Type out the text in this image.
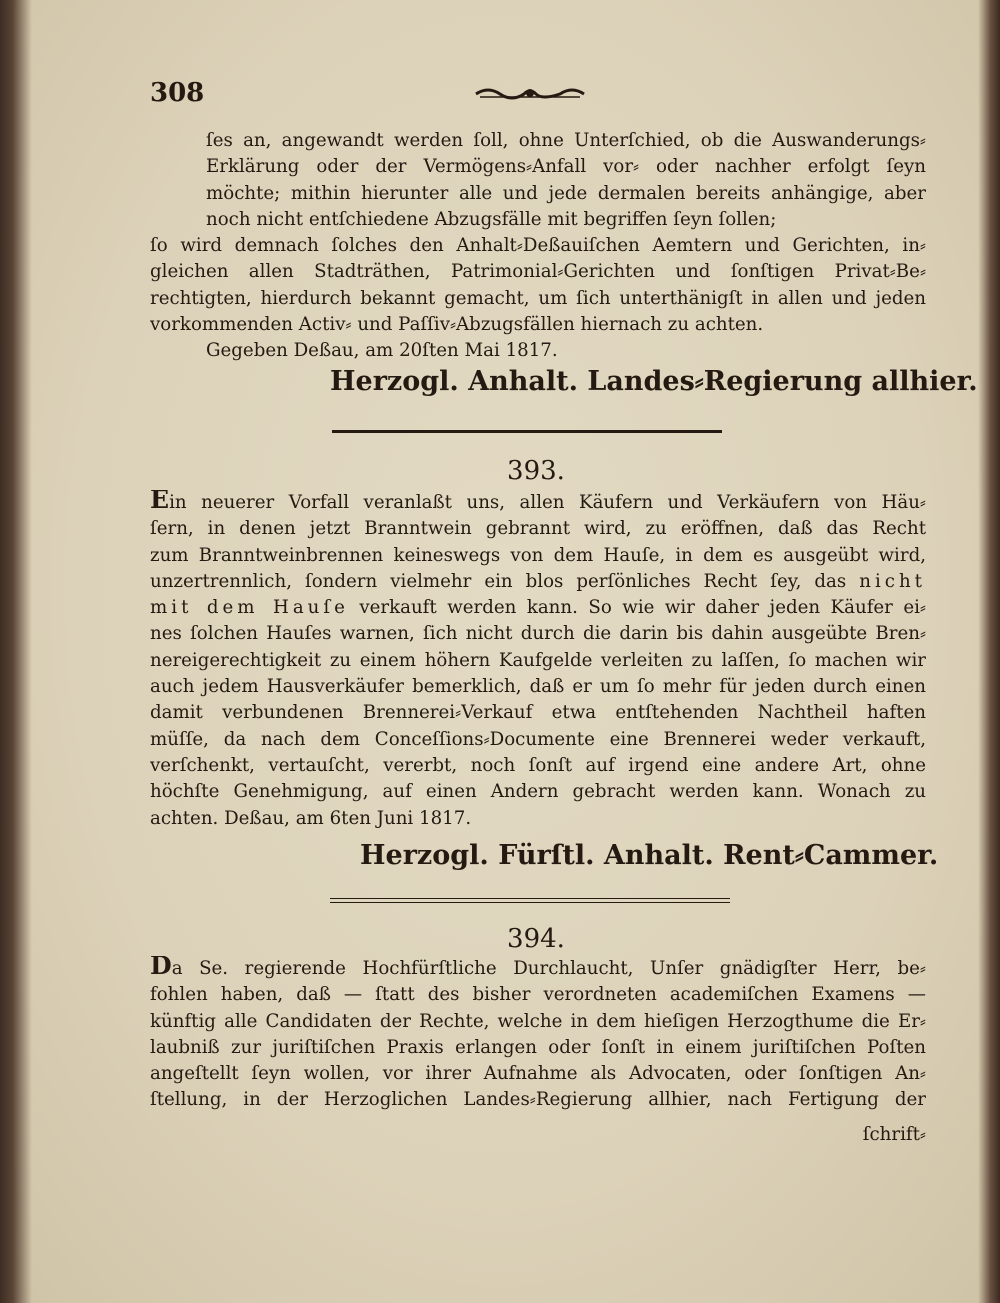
308
ſes an, angewandt werden ſoll, ohne Unterſchied, ob die Auswanderungs⸗
Erklärung oder der Vermögens⸗Anfall vor⸗ oder nachher erfolgt ſeyn
möchte; mithin hierunter alle und jede dermalen bereits anhängige, aber
noch nicht entſchiedene Abzugsfälle mit begriffen ſeyn ſollen;
ſo wird demnach ſolches den Anhalt⸗Deßauiſchen Aemtern und Gerichten, in⸗
gleichen allen Stadträthen, Patrimonial⸗Gerichten und ſonſtigen Privat⸗Be⸗
rechtigten, hierdurch bekannt gemacht, um ſich unterthänigſt in allen und jeden
vorkommenden Activ⸗ und Paſſiv⸗Abzugsfällen hiernach zu achten.
Gegeben Deßau, am 20ſten Mai 1817.
Herzogl. Anhalt. Landes⸗Regierung allhier.
393.
Ein neuerer Vorfall veranlaßt uns, allen Käufern und Verkäufern von Häu⸗
ſern, in denen jetzt Branntwein gebrannt wird, zu eröffnen, daß das Recht
zum Branntweinbrennen keineswegs von dem Hauſe, in dem es ausgeübt wird,
unzertrennlich, ſondern vielmehr ein blos perſönliches Recht ſey, das nicht
mit dem Hauſe verkauft werden kann. So wie wir daher jeden Käufer ei⸗
nes ſolchen Hauſes warnen, ſich nicht durch die darin bis dahin ausgeübte Bren⸗
nereigerechtigkeit zu einem höhern Kaufgelde verleiten zu laſſen, ſo machen wir
auch jedem Hausverkäufer bemerklich, daß er um ſo mehr für jeden durch einen
damit verbundenen Brennerei⸗Verkauf etwa entſtehenden Nachtheil haften
müſſe, da nach dem Conceſſions⸗Documente eine Brennerei weder verkauft,
verſchenkt, vertauſcht, vererbt, noch ſonſt auf irgend eine andere Art, ohne
höchſte Genehmigung, auf einen Andern gebracht werden kann. Wonach zu
achten. Deßau, am 6ten Juni 1817.
Herzogl. Fürſtl. Anhalt. Rent⸗Cammer.
394.
Da Se. regierende Hochfürſtliche Durchlaucht, Unſer gnädigſter Herr, be⸗
fohlen haben, daß — ſtatt des bisher verordneten academiſchen Examens —
künftig alle Candidaten der Rechte, welche in dem hieſigen Herzogthume die Er⸗
laubniß zur juriſtiſchen Praxis erlangen oder ſonſt in einem juriſtiſchen Poſten
angeſtellt ſeyn wollen, vor ihrer Aufnahme als Advocaten, oder ſonſtigen An⸗
ſtellung, in der Herzoglichen Landes⸗Regierung allhier, nach Fertigung der
ſchrift⸗
